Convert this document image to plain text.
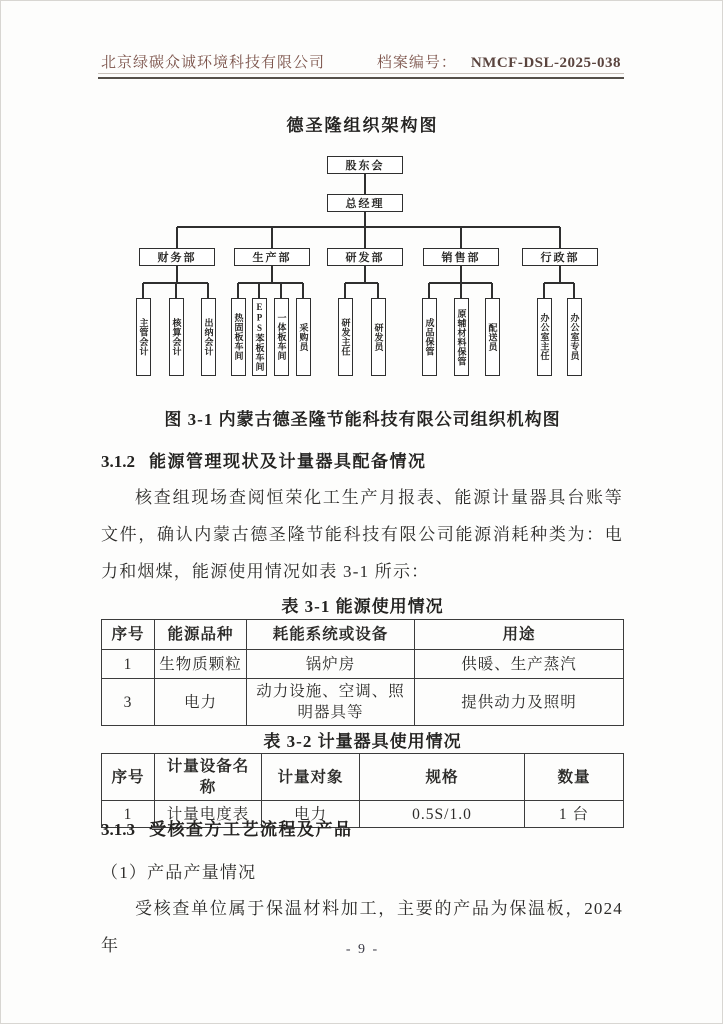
北京绿碳众诚环境科技有限公司	档案编号： NMCF-DSL-2025-038
德圣隆组织架构图
股东会
总经理
财务部
主管会计	核算会计	出纳会计
生产部
热固板车间	EPS苯板车间	一体板车间	采购员
研发部
研发主任	研发员
销售部
成品保管	原辅材料保管	配送员
行政部
办公室主任	办公室专员
图 3-1 内蒙古德圣隆节能科技有限公司组织机构图
3.1.2 能源管理现状及计量器具配备情况
核查组现场查阅恒荣化工生产月报表、能源计量器具台账等文件，确认内蒙古德圣隆节能科技有限公司能源消耗种类为：电力和烟煤，能源使用情况如表 3-1 所示：
表 3-1 能源使用情况
序号	能源品种	耗能系统或设备	用途
1	生物质颗粒	锅炉房	供暖、生产蒸汽
3	电力	动力设施、空调、照明器具等	提供动力及照明
表 3-2 计量器具使用情况
序号	计量设备名称	计量对象	规格	数量
1	计量电度表	电力	0.5S/1.0	1 台
3.1.3 受核查方工艺流程及产品
（1）产品产量情况
受核查单位属于保温材料加工，主要的产品为保温板，2024 年	- 9 -
